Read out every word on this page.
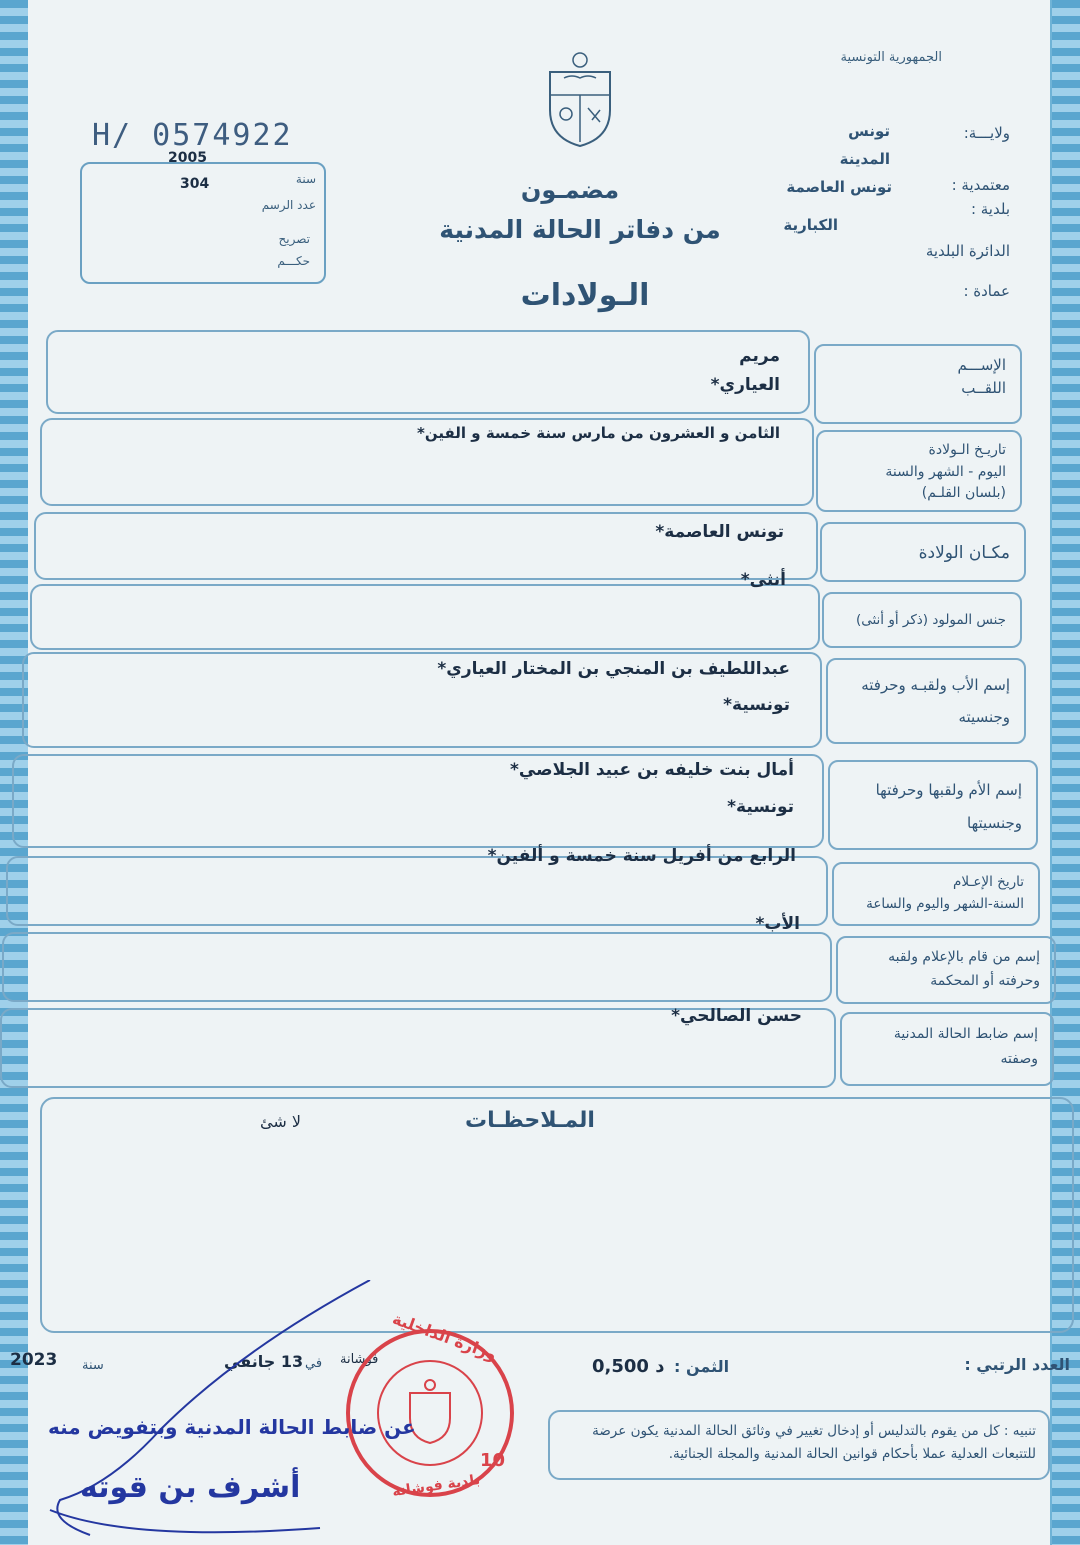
الجمهورية التونسية
ولايـــة:
تونس
المدينة
معتمدية :
تونس العاصمة
بلدية :
الكبارية
الدائرة البلدية
عمادة :
H/ 0574922
سنة
2005
عدد الرسم
304
تصريح
حكـــم
مضمـون
من دفاتر الحالة المدنية
الـولادات
الإســـم
اللقــب
مريم
العياري*
تاريـخ الـولادة
اليوم - الشهر والسنة
(بلسان القلـم)
الثامن و العشرون من مارس سنة خمسة و الفين*
مكـان الولادة
تونس العاصمة*
جنس المولود (ذكر أو أنثى)
أنثى*
إسم الأب ولقبـه وحرفته
وجنسيته
عبداللطيف بن المنجي بن المختار العياري*
تونسية*
إسم الأم ولقبها وحرفتها
وجنسيتها
أمال بنت خليفه بن عبيد الجلاصي*
تونسية*
تاريخ الإعـلام
السنة-الشهر واليوم والساعة
الرابع من أفريل سنة خمسة و ألفين*
إسم من قام بالإعلام ولقبه
وحرفته أو المحكمة
الأب*
إسم ضابط الحالة المدنية
وصفته
حسن الصالحي*
المـلاحظـات
لا شئ
العدد الرتبي :
الثمن :
0,500 د
فوشانة
في
13 جانفي
سنة
2023
تنبيه : كل من يقوم بالتدليس أو إدخال تغيير في وثائق الحالة المدنية يكون عرضة للتتبعات العدلية عملا بأحكام قوانين الحالة المدنية والمجلة الجنائية.
وزارة الداخلية
بلدية فوشانة
10
عن ضابط الحالة المدنية وبتفويض منه
أشرف بن قوته
